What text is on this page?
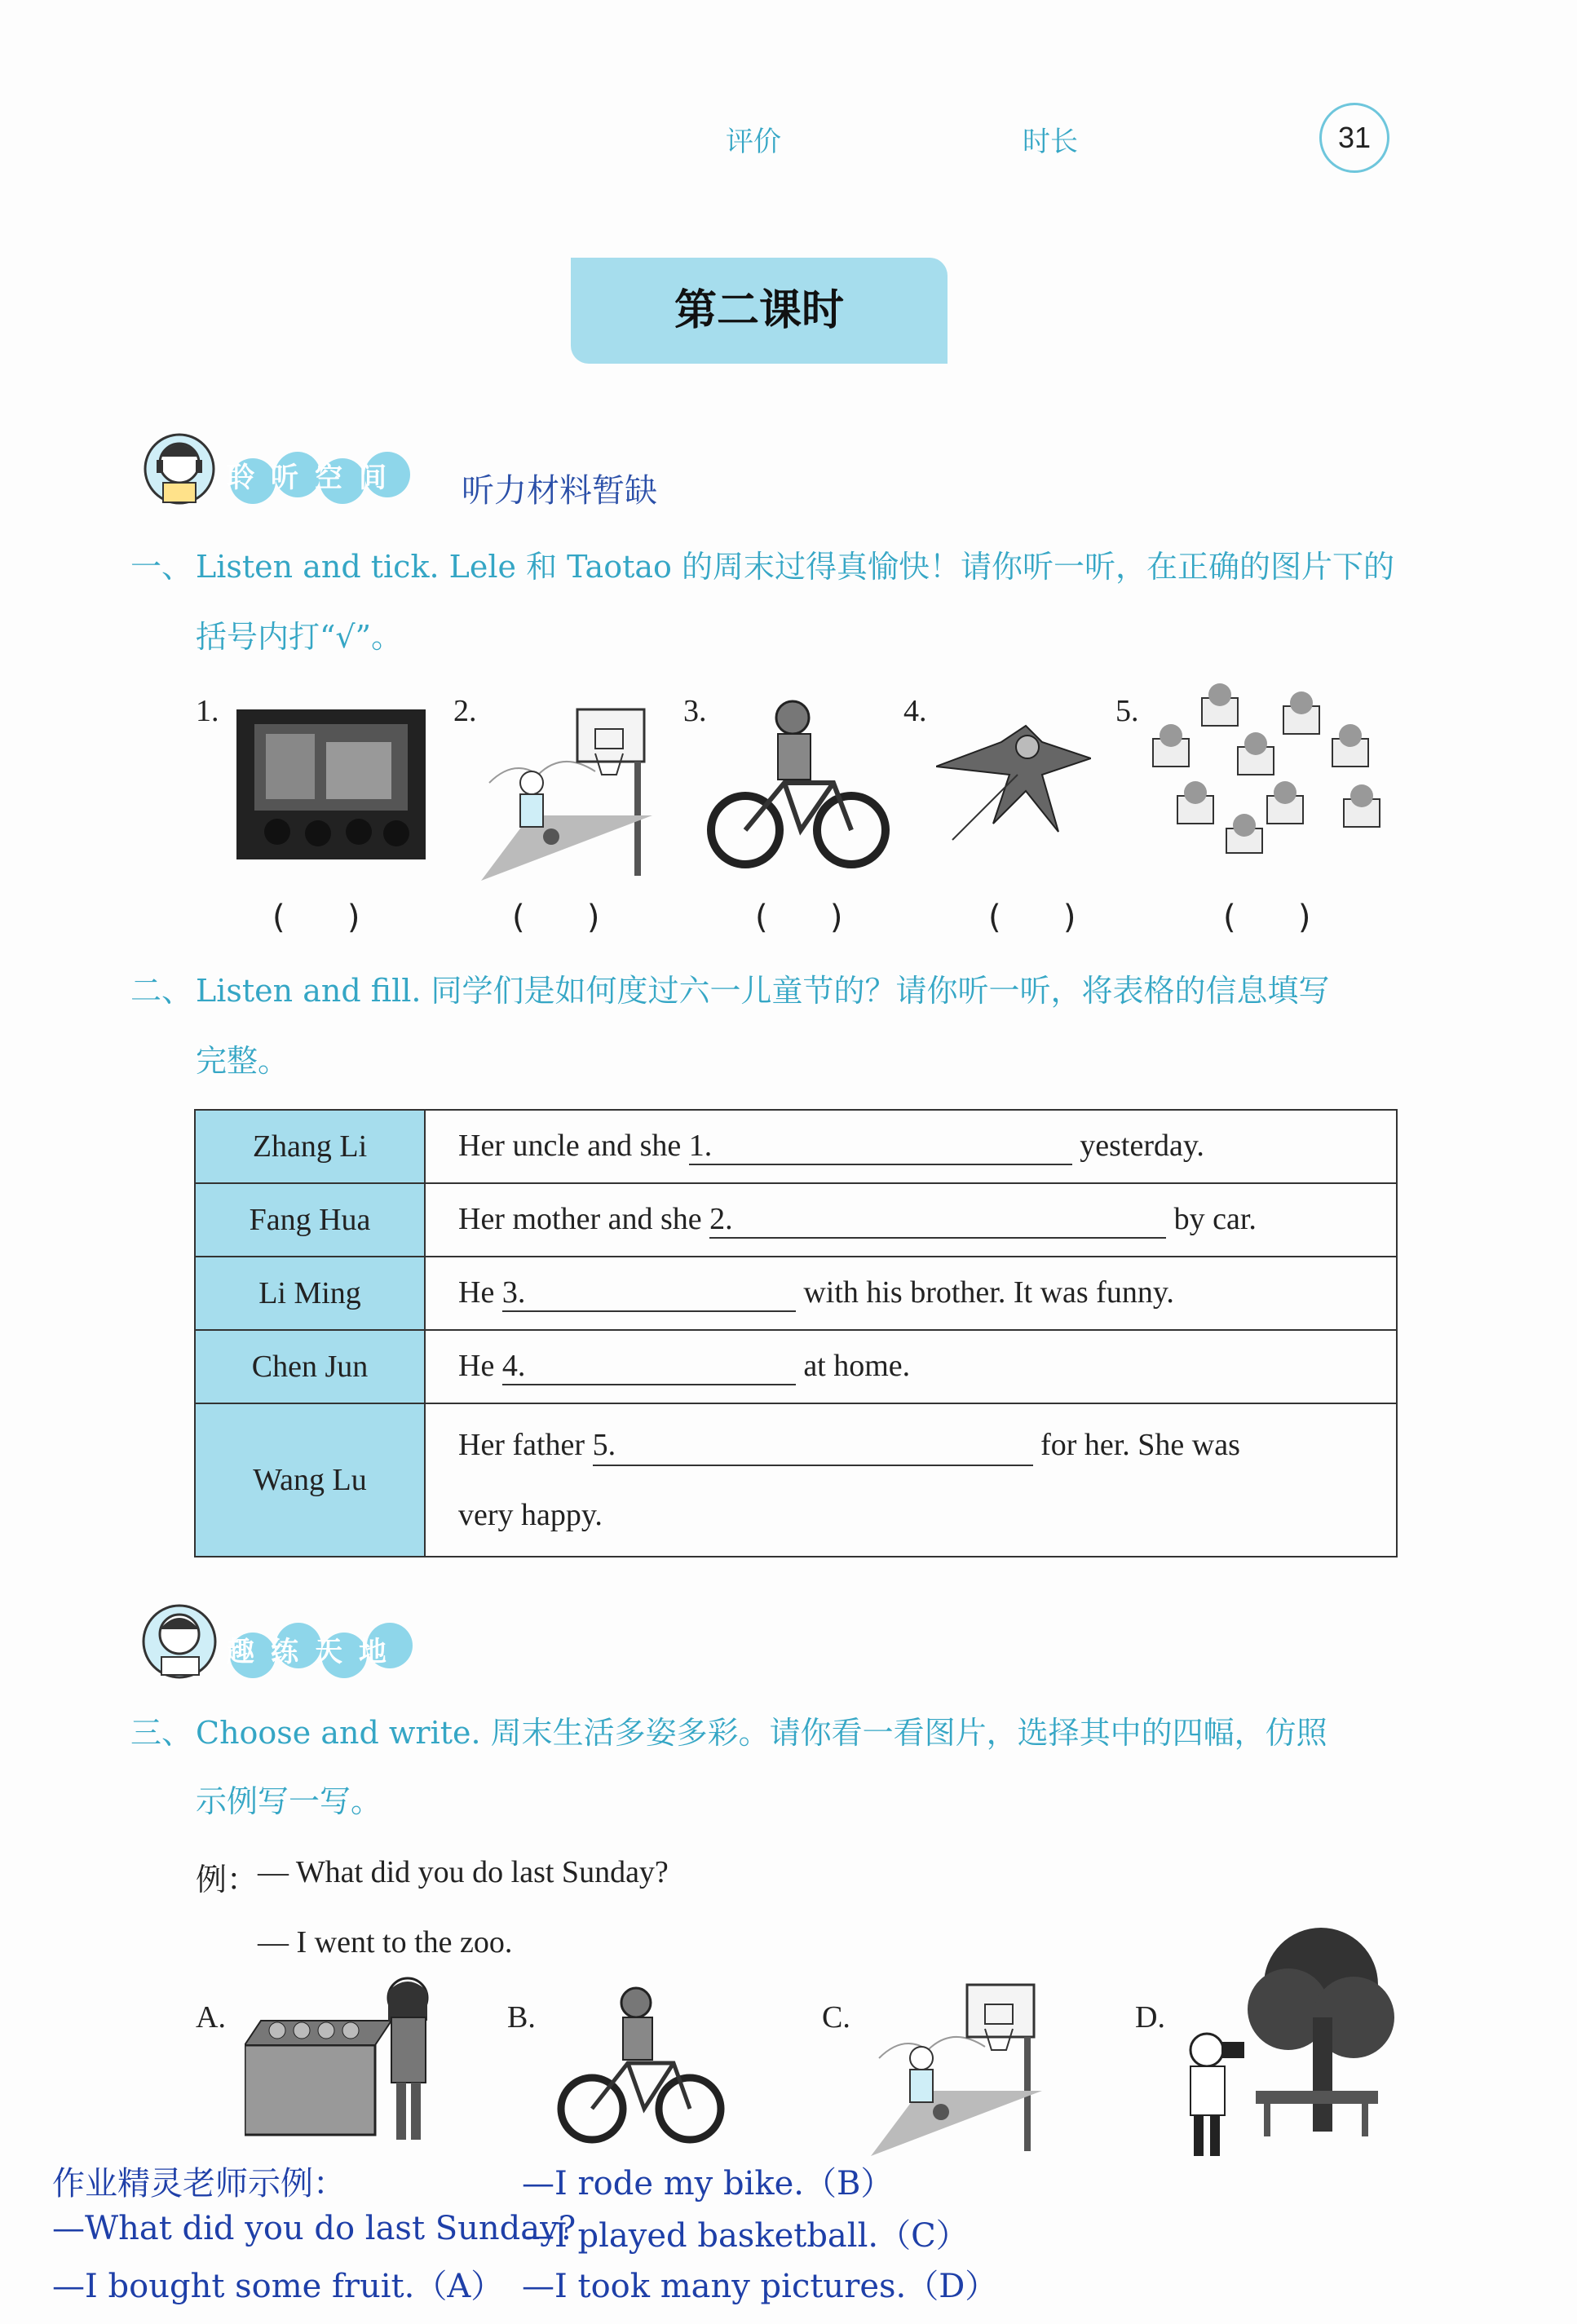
评价	时长	31
第二课时
聆听空间	听力材料暂缺
一、 Listen and tick. Lele 和 Taotao 的周末过得真愉快！请你听一听，在正确的图片下的
括号内打“√”。
1.	2.	3.	4.	5.
(      )	(      )	(      )	(      )	(      )
二、 Listen and fill. 同学们是如何度过六一儿童节的？请你听一听，将表格的信息填写
完整。
Zhang Li	Her uncle and she 1. yesterday.
Fang Hua	Her mother and she 2. by car.
Li Ming	He 3. with his brother. It was funny.
Chen Jun	He 4. at home.
Wang Lu	Her father 5. for her. She was
very happy.
趣练天地
三、 Choose and write. 周末生活多姿多彩。请你看一看图片，选择其中的四幅，仿照
示例写一写。
例： — What did you do last Sunday?
— I went to the zoo.
A.	B.	C.	D.
作业精灵老师示例：
—What did you do last Sunday?
—I bought some fruit.（A）
—I rode my bike.（B）
—I played basketball.（C）
—I took many pictures.（D）
